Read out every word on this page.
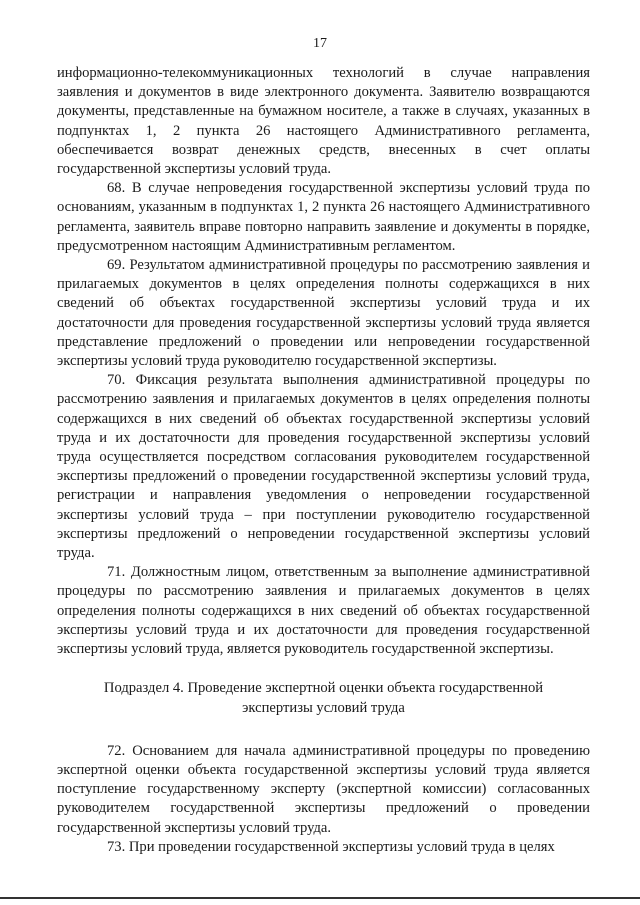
17

информационно-телекоммуникационных технологий в случае направления заявления и документов в виде электронного документа. Заявителю возвращаются документы, представленные на бумажном носителе, а также в случаях, указанных в подпунктах 1, 2 пункта 26 настоящего Административного регламента, обеспечивается возврат денежных средств, внесенных в счет оплаты государственной экспертизы условий труда.

68. В случае непроведения государственной экспертизы условий труда по основаниям, указанным в подпунктах 1, 2 пункта 26 настоящего Административного регламента, заявитель вправе повторно направить заявление и документы в порядке, предусмотренном настоящим Административным регламентом.

69. Результатом административной процедуры по рассмотрению заявления и прилагаемых документов в целях определения полноты содержащихся в них сведений об объектах государственной экспертизы условий труда и их достаточности для проведения государственной экспертизы условий труда является представление предложений о проведении или непроведении государственной экспертизы условий труда руководителю государственной экспертизы.

70. Фиксация результата выполнения административной процедуры по рассмотрению заявления и прилагаемых документов в целях определения полноты содержащихся в них сведений об объектах государственной экспертизы условий труда и их достаточности для проведения государственной экспертизы условий труда осуществляется посредством согласования руководителем государственной экспертизы предложений о проведении государственной экспертизы условий труда, регистрации и направления уведомления о непроведении государственной экспертизы условий труда – при поступлении руководителю государственной экспертизы предложений о непроведении государственной экспертизы условий труда.

71. Должностным лицом, ответственным за выполнение административной процедуры по рассмотрению заявления и прилагаемых документов в целях определения полноты содержащихся в них сведений об объектах государственной экспертизы условий труда и их достаточности для проведения государственной экспертизы условий труда, является руководитель государственной экспертизы.

Подраздел 4. Проведение экспертной оценки объекта государственной
экспертизы условий труда

72. Основанием для начала административной процедуры по проведению экспертной оценки объекта государственной экспертизы условий труда является поступление государственному эксперту (экспертной комиссии) согласованных руководителем государственной экспертизы предложений о проведении государственной экспертизы условий труда.

73. При проведении государственной экспертизы условий труда в целях
